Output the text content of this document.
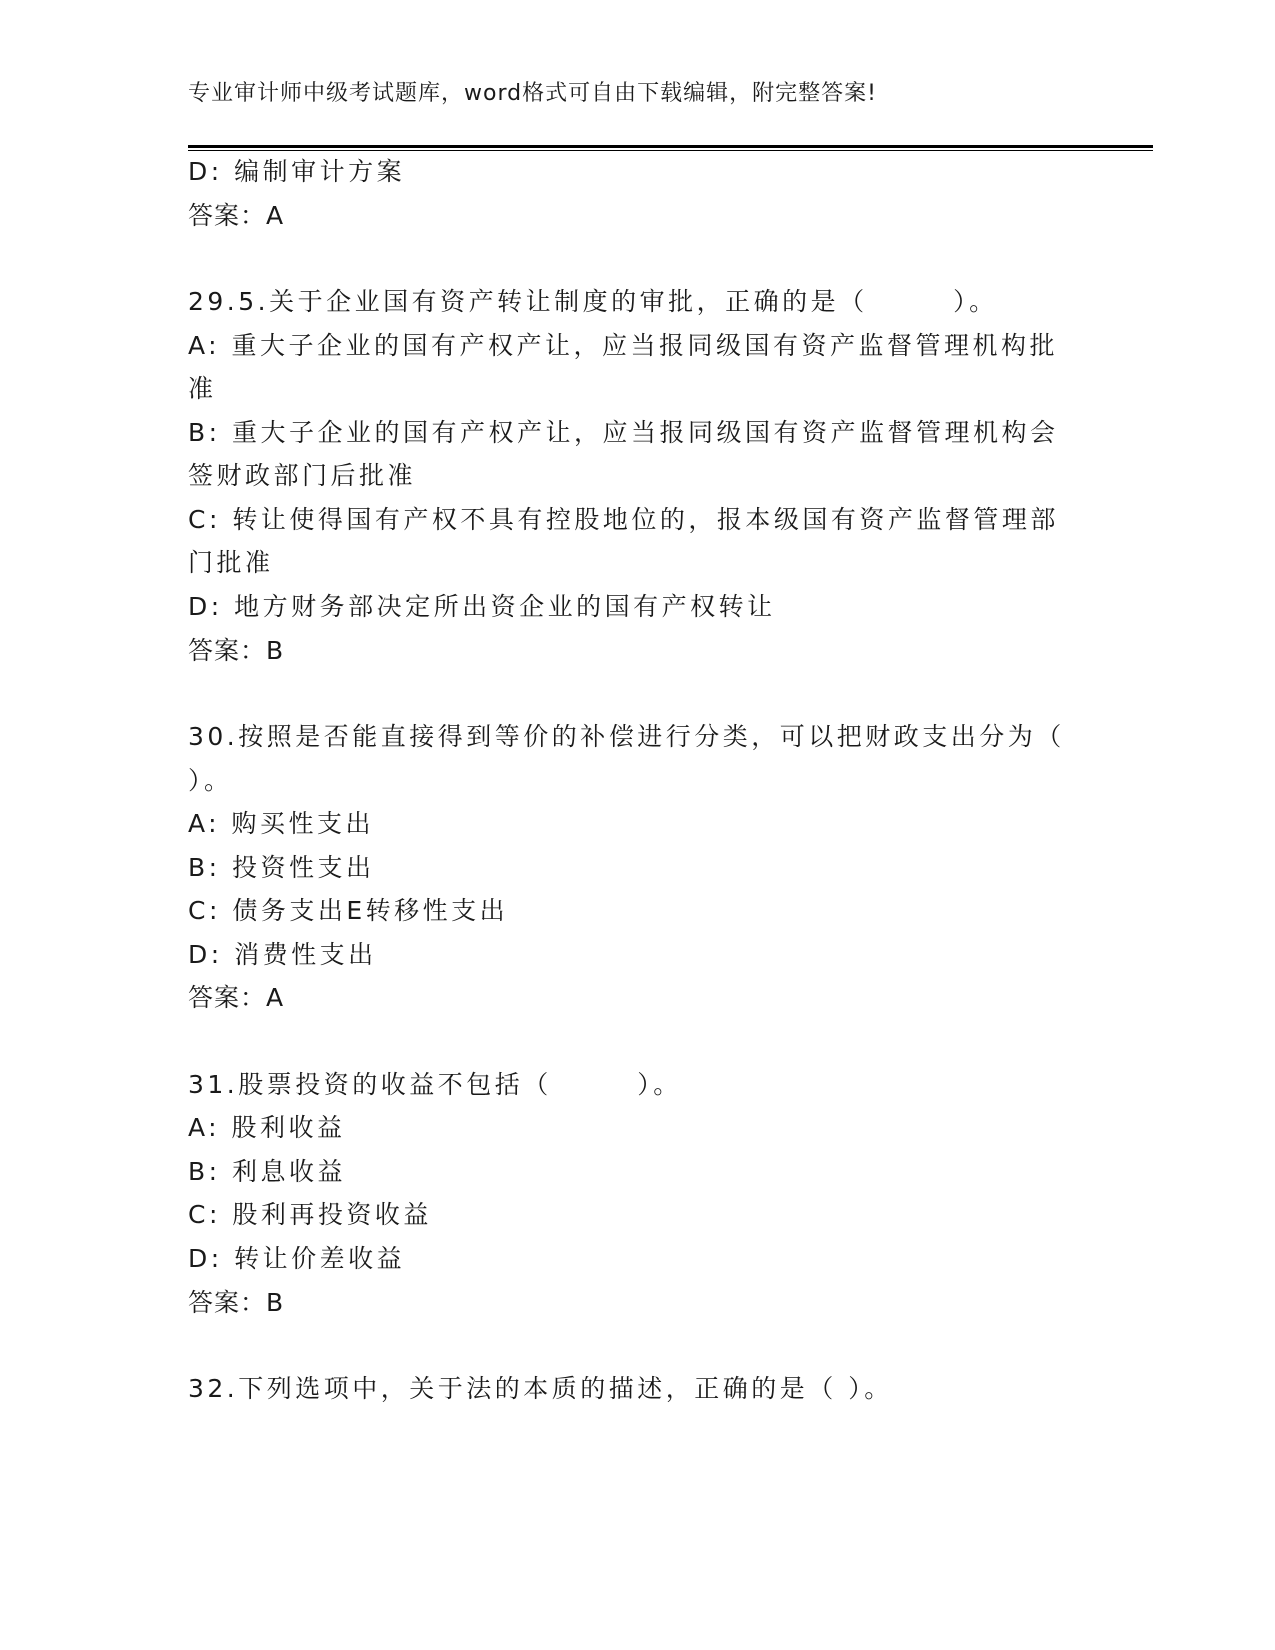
专业审计师中级考试题库，word格式可自由下载编辑，附完整答案!
D: 编制审计方案
答案：A
29.5.关于企业国有资产转让制度的审批，正确的是（　　　）。
A: 重大子企业的国有产权产让，应当报同级国有资产监督管理机构批
准
B: 重大子企业的国有产权产让，应当报同级国有资产监督管理机构会
签财政部门后批准
C: 转让使得国有产权不具有控股地位的，报本级国有资产监督管理部
门批准
D: 地方财务部决定所出资企业的国有产权转让
答案：B
30.按照是否能直接得到等价的补偿进行分类，可以把财政支出分为（
）。
A: 购买性支出
B: 投资性支出
C: 债务支出E转移性支出
D: 消费性支出
答案：A
31.股票投资的收益不包括（　　　）。
A: 股利收益
B: 利息收益
C: 股利再投资收益
D: 转让价差收益
答案：B
32.下列选项中，关于法的本质的描述，正确的是（ ）。
